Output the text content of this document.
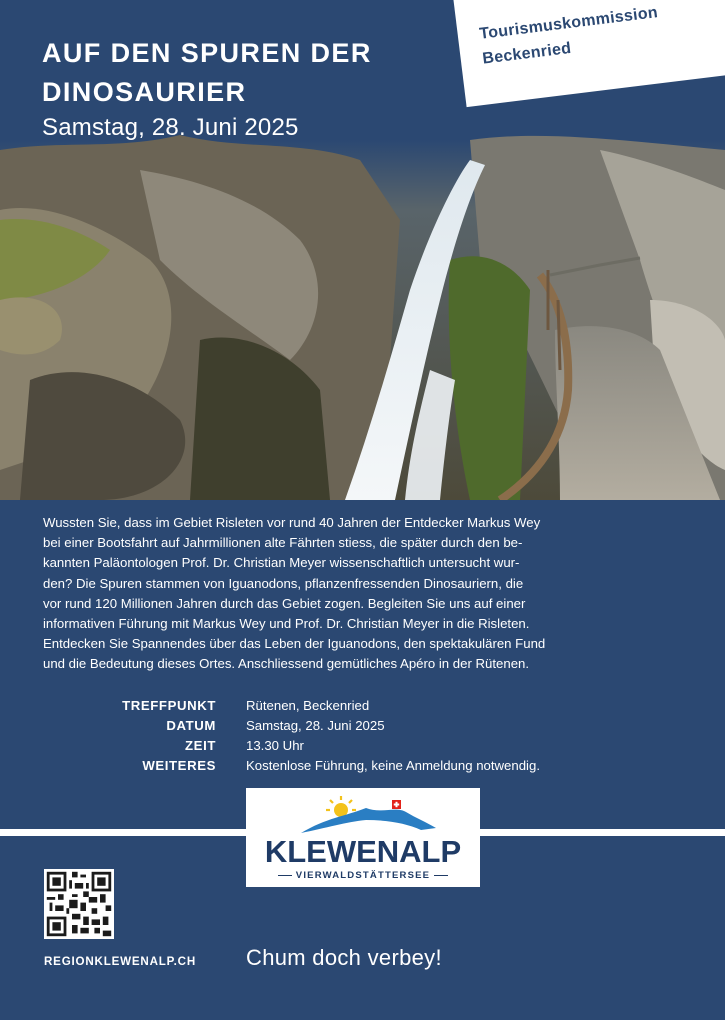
AUF DEN SPUREN DER DINOSAURIER
Samstag, 28. Juni 2025
Tourismuskommission
Beckenried

Wussten Sie, dass im Gebiet Risleten vor rund 40 Jahren der Entdecker Markus Wey
bei einer Bootsfahrt auf Jahrmillionen alte Fährten stiess, die später durch den be-
kannten Paläontologen Prof. Dr. Christian Meyer wissenschaftlich untersucht wur-
den? Die Spuren stammen von Iguanodons, pflanzenfressenden Dinosauriern, die
vor rund 120 Millionen Jahren durch das Gebiet zogen. Begleiten Sie uns auf einer
informativen Führung mit Markus Wey und Prof. Dr. Christian Meyer in die Risleten.
Entdecken Sie Spannendes über das Leben der Iguanodons, den spektakulären Fund
und die Bedeutung dieses Ortes. Anschliessend gemütliches Apéro in der Rütenen.

TREFFPUNKT	Rütenen, Beckenried
DATUM	Samstag, 28. Juni 2025
ZEIT	13.30 Uhr
WEITERES	Kostenlose Führung, keine Anmeldung notwendig.
KLEWENALP
VIERWALDSTÄTTERSEE
REGIONKLEWENALP.CH Chum doch verbey!
